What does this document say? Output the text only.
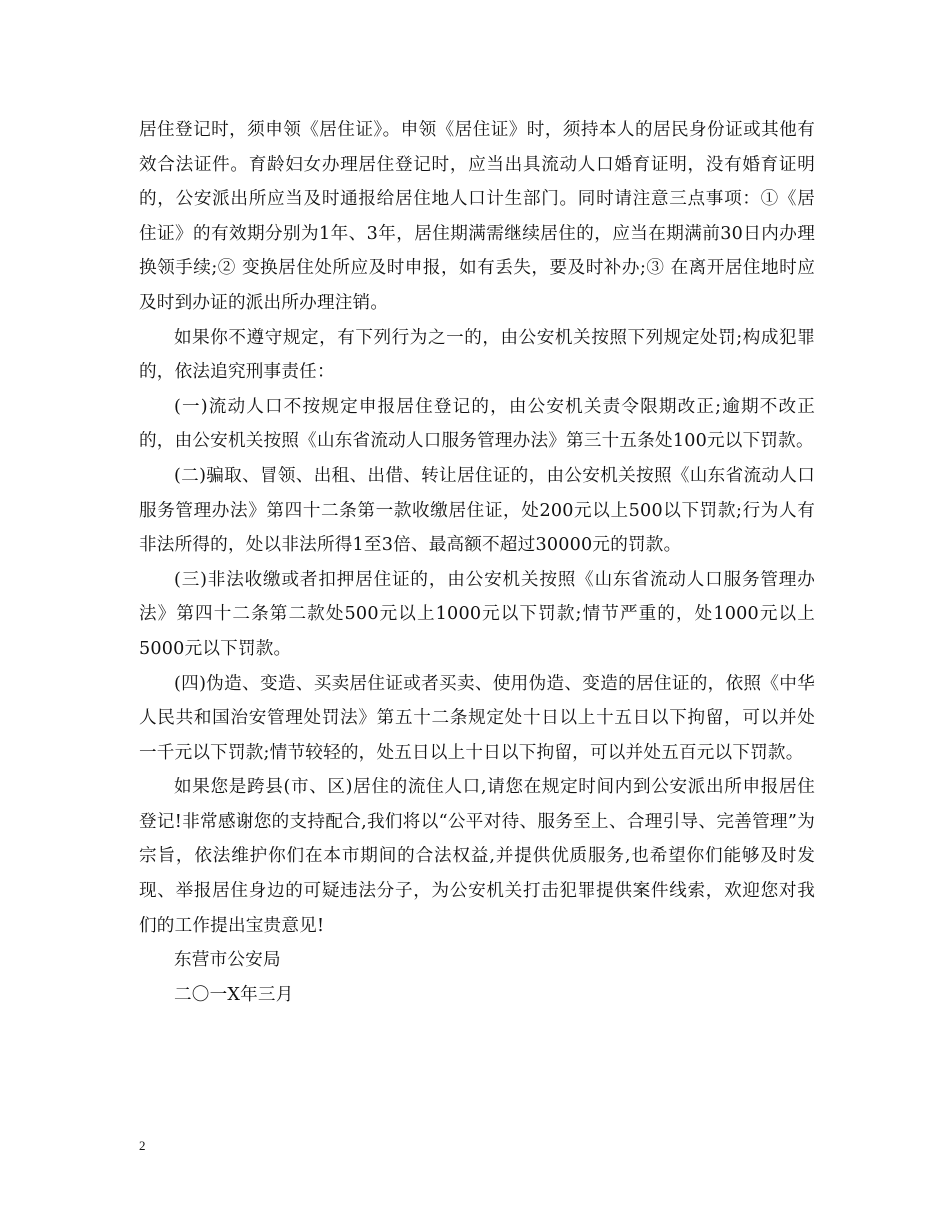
居住登记时，须申领《居住证》。申领《居住证》时，须持本人的居民身份证或其他有效合法证件。育龄妇女办理居住登记时，应当出具流动人口婚育证明，没有婚育证明的，公安派出所应当及时通报给居住地人口计生部门。同时请注意三点事项：①《居住证》的有效期分别为1年、3年，居住期满需继续居住的，应当在期满前30日内办理换领手续;② 变换居住处所应及时申报，如有丢失，要及时补办;③ 在离开居住地时应及时到办证的派出所办理注销。

如果你不遵守规定，有下列行为之一的，由公安机关按照下列规定处罚;构成犯罪的，依法追究刑事责任：

(一)流动人口不按规定申报居住登记的，由公安机关责令限期改正;逾期不改正的，由公安机关按照《山东省流动人口服务管理办法》第三十五条处100元以下罚款。

(二)骗取、冒领、出租、出借、转让居住证的，由公安机关按照《山东省流动人口服务管理办法》第四十二条第一款收缴居住证，处200元以上500以下罚款;行为人有非法所得的，处以非法所得1至3倍、最高额不超过30000元的罚款。

(三)非法收缴或者扣押居住证的，由公安机关按照《山东省流动人口服务管理办法》第四十二条第二款处500元以上1000元以下罚款;情节严重的，处1000元以上5000元以下罚款。

(四)伪造、变造、买卖居住证或者买卖、使用伪造、变造的居住证的，依照《中华人民共和国治安管理处罚法》第五十二条规定处十日以上十五日以下拘留，可以并处一千元以下罚款;情节较轻的，处五日以上十日以下拘留，可以并处五百元以下罚款。

如果您是跨县(市、区)居住的流住人口,请您在规定时间内到公安派出所申报居住登记!非常感谢您的支持配合,我们将以“公平对待、服务至上、合理引导、完善管理”为宗旨，依法维护你们在本市期间的合法权益,并提供优质服务,也希望你们能够及时发现、举报居住身边的可疑违法分子，为公安机关打击犯罪提供案件线索，欢迎您对我们的工作提出宝贵意见!

东营市公安局

二〇一X年三月

2
